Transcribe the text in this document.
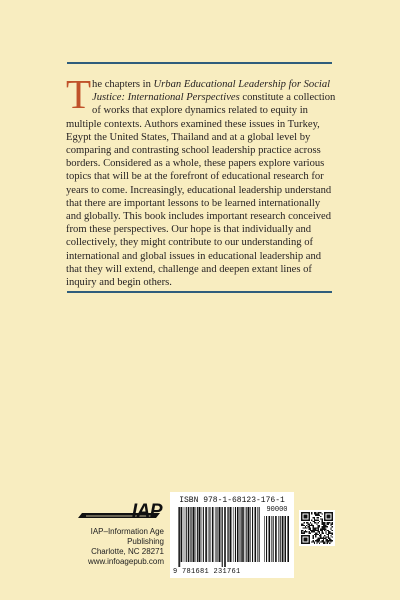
The chapters in Urban Educational Leadership for Social Justice: International Perspectives constitute a collection of works that explore dynamics related to equity in multiple contexts. Authors examined these issues in Turkey, Egypt the United States, Thailand and at a global level by comparing and contrasting school leadership practice across borders. Considered as a whole, these papers explore various topics that will be at the forefront of educational research for years to come. Increasingly, educational leadership understand that there are important lessons to be learned internationally and globally. This book includes important research conceived from these perspectives. Our hope is that individually and collectively, they might contribute to our understanding of international and global issues in educational leadership and that they will extend, challenge and deepen extant lines of inquiry and begin others.
IAP
IAP–Information Age Publishing
Charlotte, NC 28271
www.infoagepub.com
ISBN 978-1-68123-176-1
90000
9 781681 231761
